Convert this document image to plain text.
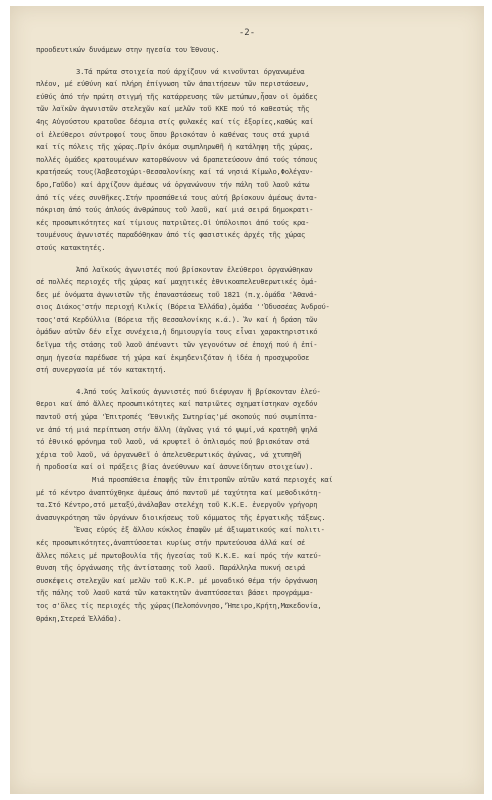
-2-
προοδευτικών δυνάμεων στην ηγεσία του Έθνους.
3.Τά πρώτα στοιχεία πού άρχίζουν νά κινοῦνται όργανωμένα
πλέον, μέ εύθύνη καί πλήρη ἐπίγνωση τῶν ἀπαιτήσεων τῶν περιστάσεων,
εύθύς ἀπό τήν πρώτη στιγμή τῆς κατάρρευσης τῶν μετώπων,ἦσαν οἱ ὁμάδες
τῶν λαϊκῶν ἀγωνιστῶν στελεχῶν καί μελῶν τοῦ ΚΚΕ πού τό καθεστώς τῆς
4ης Αὐγούστου κρατοῦσε δέσμια στίς φυλακές καί τίς ἐξορίες,καθώς καί
οἱ ἐλεύθεροι σύντροφοί τους ὅπου βρισκόταν ὁ καθένας τους στά χωριά
καί τίς πόλεις τῆς χώρας.Πρίν ἀκόμα συμπληρωθῆ ἡ κατάληψη τῆς χώρας,
πολλές ὁμάδες κρατουμένων κατορθώνουν νά δραπετεύσουν ἀπό τούς τόπους
κρατήσεώς τους(Ἀσβεστοχώρι-Θεσσαλονίκης καί τά νησιά Κίμωλο,Φολέγαν-
δρο,Γαῦδο) καί ἀρχίζουν ἀμέσως νά ὀργανώνουν τήν πάλη τοῦ λαοῦ κάτω
ἀπό τίς νέες συνθῆκες.Στήν προσπάθειά τους αὐτή βρίσκουν ἀμέσως ἀντα-
πόκριση ἀπό τούς ἁπλούς ἀνθρώπους τοῦ λαοῦ, καί μιά σειρά δημοκρατι-
κές προσωπικότητες καί τίμιους πατριῶτες.Οἱ ὑπόλοιποι ἀπό τούς κρα-
τουμένους ἀγωνιστές παραδόθηκαν ἀπό τίς φασιστικές ἀρχές τῆς χώρας
στούς κατακτητές.
Ἀπό λαϊκούς ἀγωνιστές πού βρίσκονταν ἐλεύθεροι ὀργανώθηκαν
σέ πολλές περιοχές τῆς χώρας καί μαχητικές ἐθνικοαπελευθερωτικές ὁμά-
δες μέ ὀνόματα ἀγωνιστῶν τῆς ἐπαναστάσεως τοῦ 1821 (π.χ.ὁμάδα 'Ἀθανά-
σιος Διάκος'στήν περιοχή Κιλκίς (Βόρεια Ἑλλάδα),ὁμάδα ''Ὀδυσσέας Ἀνδρού-
τσος'στά Κερδύλλια (Βόρεια τῆς Θεσσαλονίκης κ.ά.). Ἄν καί ἡ δράση τῶν
ὁμάδων αὐτῶν δέν εἶχε συνέχεια,ἡ δημιουργία τους εἶναι χαρακτηριστικό
δεῖγμα τῆς στάσης τοῦ λαοῦ ἀπέναντι τῶν γεγονότων σέ ἐποχή πού ἡ ἐπί-
σημη ἡγεσία παρέδωσε τή χώρα καί ἐκμηδενιζόταν ἡ ἰδέα ἡ προσχωροῦσε
στή συνεργασία μέ τόν κατακτητή.
4.Ἀπό τούς λαϊκούς ἀγωνιστές πού διέφυγαν ἤ βρίσκονταν ἐλεύ-
θεροι καί ἀπό ἄλλες προσωπικότητες καί πατριῶτες σχηματίστηκαν σχεδόν
παντοῦ στή χώρα 'Ἐπιτροπές 'Ἐθνικῆς Σωτηρίας'μέ σκοπούς πού συμπίπτα-
νε ἀπό τή μιά περίπτωση στήν ἄλλη (ἀγῶνας γιά τό ψωμί,νά κρατηθῆ ψηλά
τό ἐθνικό φρόνημα τοῦ λαοῦ, νά κρυφτεῖ ὁ ὁπλισμός πού βρισκόταν στά
χέρια τοῦ λαοῦ, νά ὀργανωθεῖ ὁ ἀπελευθερωτικός ἀγώνας, νά χτυπηθῆ
ἡ προδοσία καί οἱ πράξεις βίας ἀνεύθυνων καί ἀσυνείδητων στοιχείων).
Μιά προσπάθεια ἐπαφῆς τῶν ἐπιτροπῶν αὐτῶν κατά περιοχές καί
μέ τό κέντρο ἀναπτύχθηκε ἀμέσως ἀπό παντοῦ μέ ταχύτητα καί μεθοδικότη-
τα.Στό Κέντρο,στό μεταξύ,ἀνάλαβαν στελέχη τοῦ Κ.Κ.Ε. ἐνεργοῦν γρήγορη
ἀνασυγκρότηση τῶν ὀργάνων διοικήσεως τοῦ κόμματος τῆς ἐργατικῆς τάξεως.
Ἕνας εὐρύς ἐξ ἄλλου κύκλος ἐπαφῶν μέ ἀξιωματικούς καί πολιτι-
κές προσωπικότητες,ἀναπτύσσεται κυρίως στήν πρωτεύουσα ἀλλά καί σέ
ἄλλες πόλεις μέ πρωτοβουλία τῆς ἡγεσίας τοῦ Κ.Κ.Ε. καί πρός τήν κατεύ-
θυνση τῆς ὀργάνωσης τῆς ἀντίστασης τοῦ λαοῦ. Παράλληλα πυκνή σειρά
συσκέψεις στελεχῶν καί μελῶν τοῦ Κ.Κ.Ρ. μέ μοναδικό θέμα τήν ὀργάνωση
τῆς πάλης τοῦ λαοῦ κατά τῶν κατακτητῶν ἀναπτύσσεται βάσει προγράμμα-
τος σ'ὅλες τίς περιοχές τῆς χώρας(Πελοπόννησο,'Ἤπειρο,Κρήτη,Μακεδονία,
Θράκη,Στερεά Ἑλλάδα).
